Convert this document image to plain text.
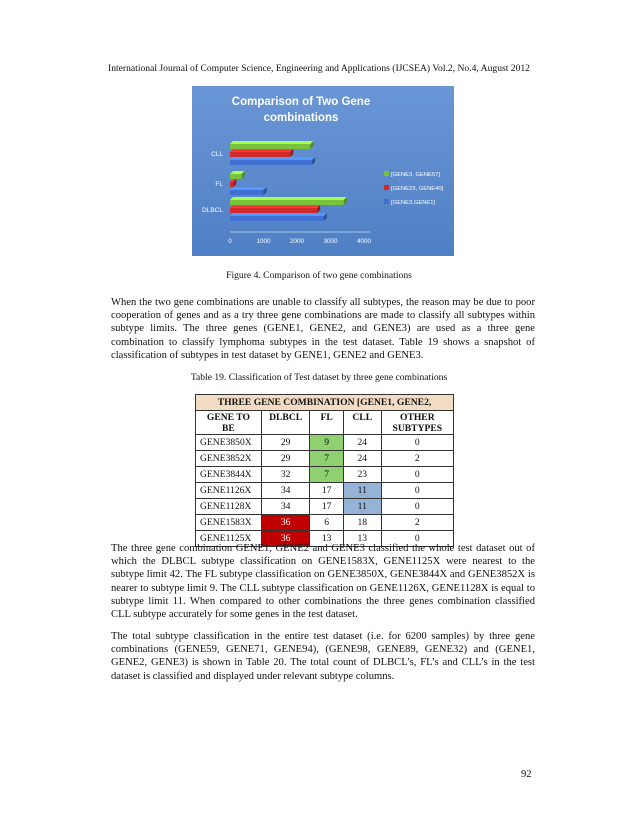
International Journal of Computer Science, Engineering and Applications (IJCSEA) Vol.2, No.4, August 2012
Comparison of Two Gene
combinations
CLL
FL
DLBCL
0	1000	2000	3000	4000
[GENE3, GENE57]
[GENE23, GENE40]
[GENE3,GENE1]
Figure 4. Comparison of two gene combinations

When the two gene combinations are unable to classify all subtypes, the reason may be due to poor cooperation of genes and as a try three gene combinations are made to classify all subtypes within subtype limits. The three genes (GENE1, GENE2, and GENE3) are used as a three gene combination to classify lymphoma subtypes in the test dataset. Table 19 shows a snapshot of classification of subtypes in test dataset by GENE1, GENE2 and GENE3.

Table 19. Classification of Test dataset by three gene combinations
THREE GENE COMBINATION [GENE1, GENE2,				
GENE TO BE	DLBCL	FL	CLL	OTHER SUBTYPES
GENE3850X	29	9	24	0
GENE3852X	29	7	24	2
GENE3844X	32	7	23	0
GENE1126X	34	17	11	0
GENE1128X	34	17	11	0
GENE1583X	36	6	18	2
GENE1125X	36	13	13	0

The three gene combination GENE1, GENE2 and GENE3 classified the whole test dataset out of which the DLBCL subtype classification on GENE1583X, GENE1125X were nearest to the subtype limit 42. The FL subtype classification on GENE3850X, GENE3844X and GENE3852X is nearer to subtype limit 9. The CLL subtype classification on GENE1126X, GENE1128X is equal to subtype limit 11. When compared to other combinations the three genes combination classified CLL subtype accurately for some genes in the test dataset.

The total subtype classification in the entire test dataset (i.e. for 6200 samples) by three gene combinations (GENE59, GENE71, GENE94), (GENE98, GENE89, GENE32) and (GENE1, GENE2, GENE3) is shown in Table 20. The total count of DLBCL’s, FL’s and CLL’s in the test dataset is classified and displayed under relevant subtype columns.

92
